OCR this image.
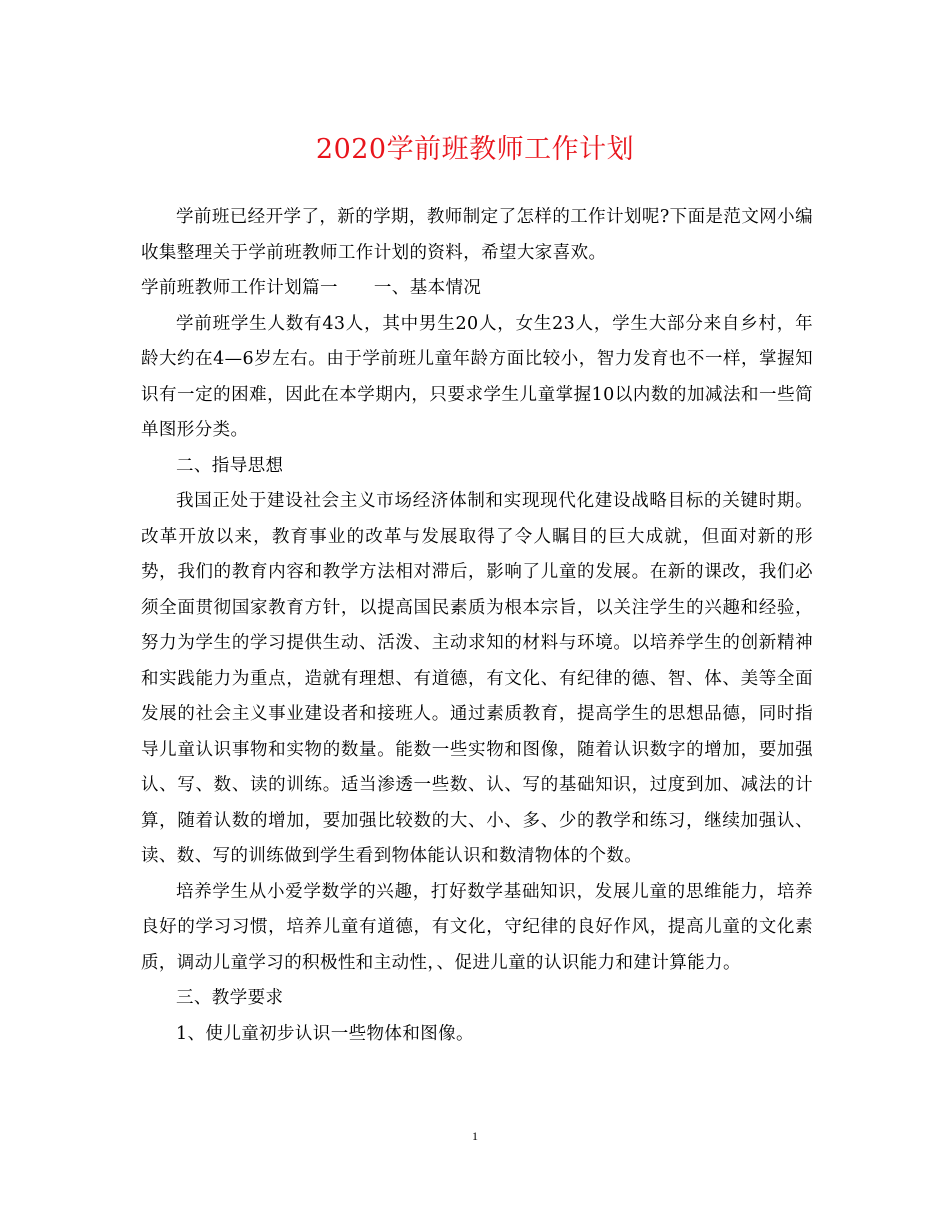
2020学前班教师工作计划

学前班已经开学了，新的学期，教师制定了怎样的工作计划呢?下面是范文网小编收集整理关于学前班教师工作计划的资料，希望大家喜欢。

学前班教师工作计划篇一 一、基本情况

学前班学生人数有43人，其中男生20人，女生23人，学生大部分来自乡村，年龄大约在4—6岁左右。由于学前班儿童年龄方面比较小，智力发育也不一样，掌握知识有一定的困难，因此在本学期内，只要求学生儿童掌握10以内数的加减法和一些简单图形分类。

二、指导思想

我国正处于建设社会主义市场经济体制和实现现代化建设战略目标的关键时期。改革开放以来，教育事业的改革与发展取得了令人瞩目的巨大成就，但面对新的形势，我们的教育内容和教学方法相对滞后，影响了儿童的发展。在新的课改，我们必须全面贯彻国家教育方针，以提高国民素质为根本宗旨，以关注学生的兴趣和经验，努力为学生的学习提供生动、活泼、主动求知的材料与环境。以培养学生的创新精神和实践能力为重点，造就有理想、有道德，有文化、有纪律的德、智、体、美等全面发展的社会主义事业建设者和接班人。通过素质教育，提高学生的思想品德，同时指导儿童认识事物和实物的数量。能数一些实物和图像，随着认识数字的增加，要加强认、写、数、读的训练。适当渗透一些数、认、写的基础知识，过度到加、减法的计算，随着认数的增加，要加强比较数的大、小、多、少的教学和练习，继续加强认、读、数、写的训练做到学生看到物体能认识和数清物体的个数。

培养学生从小爱学数学的兴趣，打好数学基础知识，发展儿童的思维能力，培养良好的学习习惯，培养儿童有道德，有文化，守纪律的良好作风，提高儿童的文化素质，调动儿童学习的积极性和主动性，、促进儿童的认识能力和建计算能力。

三、教学要求

1、使儿童初步认识一些物体和图像。

1
